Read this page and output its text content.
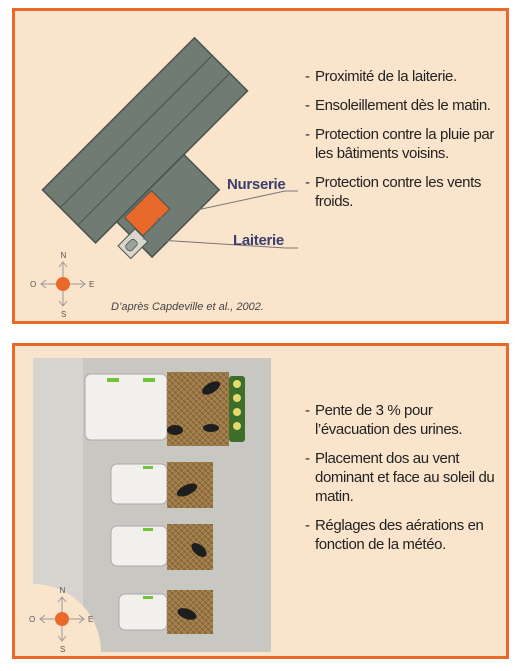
N
S
O	E
Nurserie
Laiterie
D’après Capdeville et al., 2002.
- Proximité de la laiterie.
- Ensoleillement dès le matin.
- Protection contre la pluie par les bâtiments voisins.
- Protection contre les vents froids.
N
S
O	E
- Pente de 3 % pour l’évacuation des urines.
- Placement dos au vent dominant et face au soleil du matin.
- Réglages des aérations en fonction de la météo.
